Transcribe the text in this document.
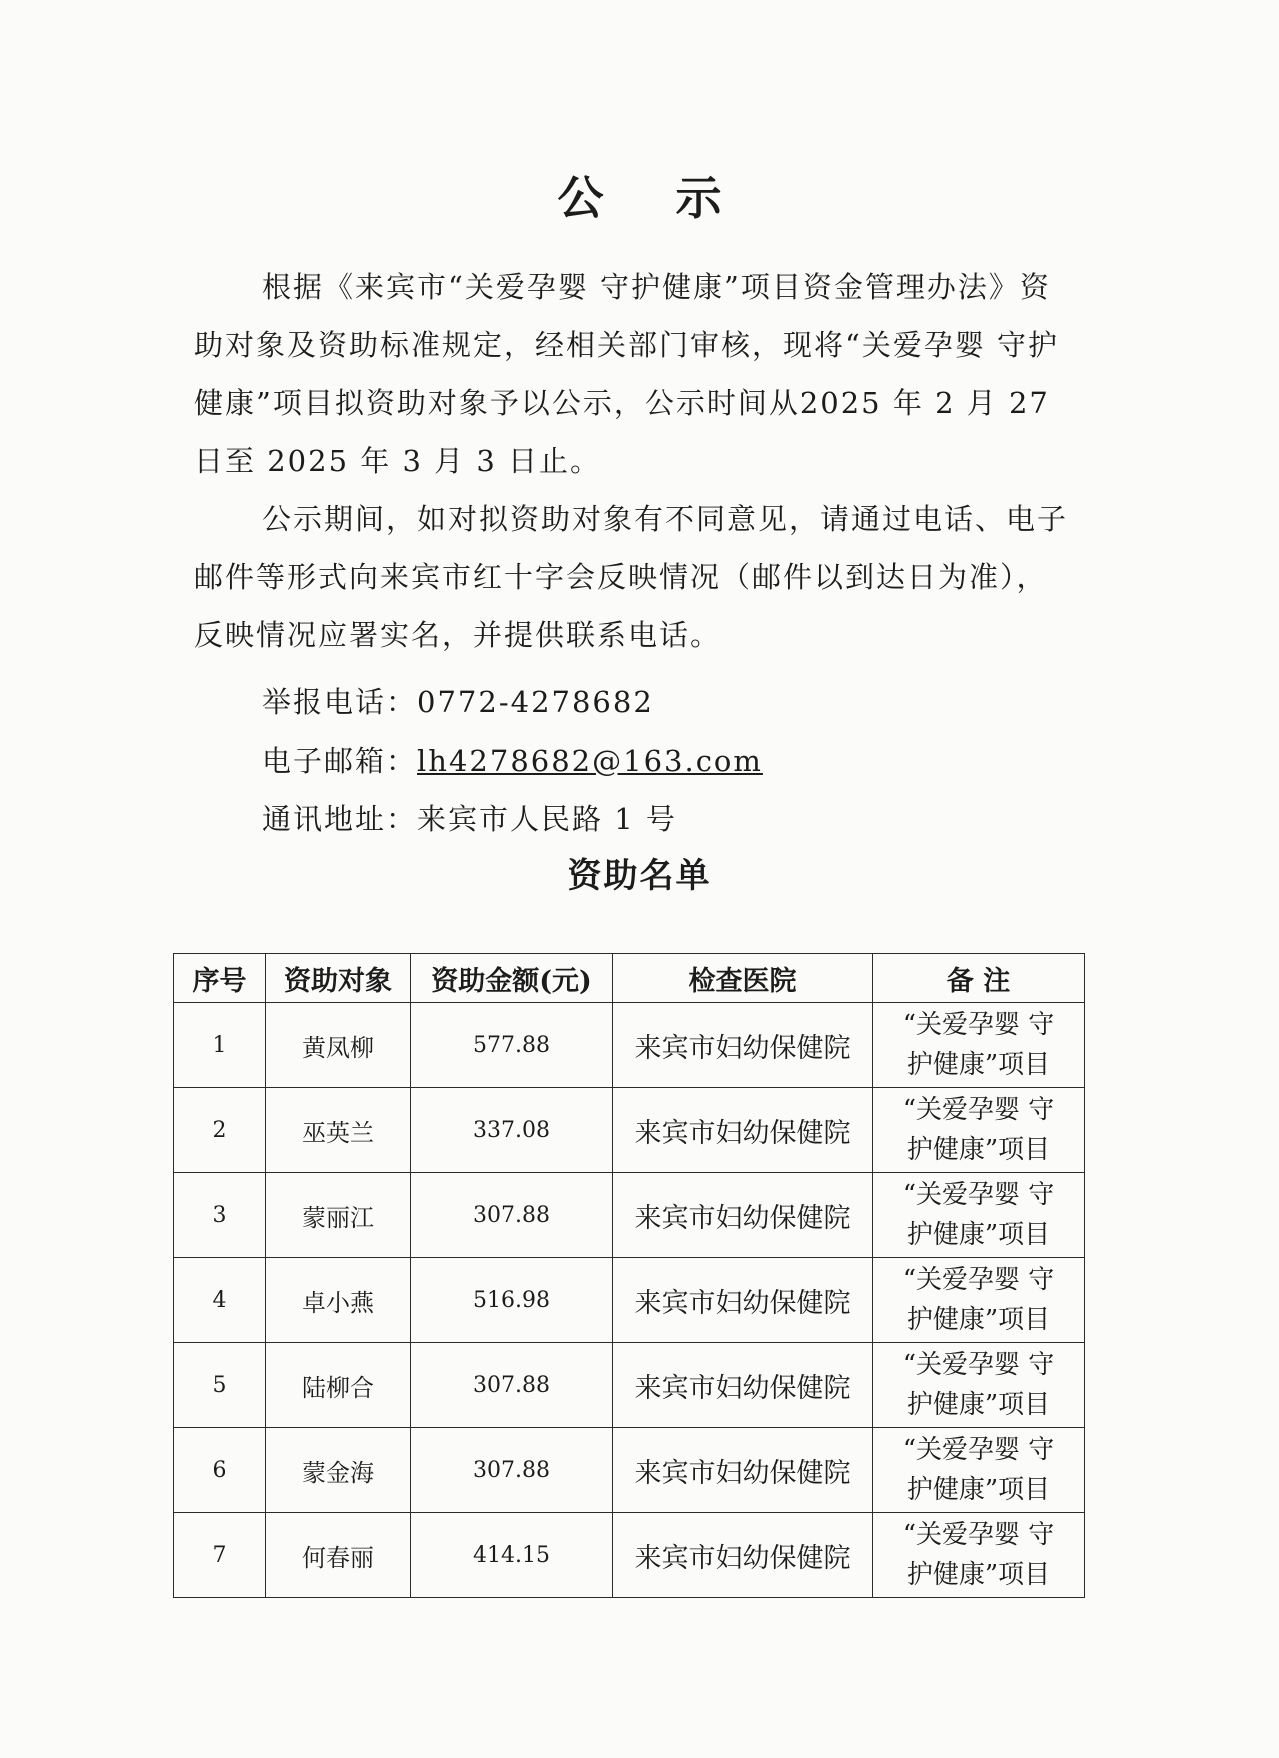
公 示
根据《来宾市“关爱孕婴 守护健康”项目资金管理办法》资助对象及资助标准规定，经相关部门审核，现将“关爱孕婴 守护健康”项目拟资助对象予以公示，公示时间从2025 年 2 月 27 日至 2025 年 3 月 3 日止。
公示期间，如对拟资助对象有不同意见，请通过电话、电子邮件等形式向来宾市红十字会反映情况（邮件以到达日为准），反映情况应署实名，并提供联系电话。
举报电话：0772-4278682
电子邮箱：lh4278682@163.com
通讯地址：来宾市人民路 1 号
资助名单
序号	资助对象	资助金额(元)	检查医院	备 注
1	黄凤柳	577.88	来宾市妇幼保健院	“关爱孕婴 守
护健康”项目

2	巫英兰	337.08	来宾市妇幼保健院	“关爱孕婴 守
护健康”项目

3	蒙丽江	307.88	来宾市妇幼保健院	“关爱孕婴 守
护健康”项目

4	卓小燕	516.98	来宾市妇幼保健院	“关爱孕婴 守
护健康”项目

5	陆柳合	307.88	来宾市妇幼保健院	“关爱孕婴 守
护健康”项目

6	蒙金海	307.88	来宾市妇幼保健院	“关爱孕婴 守
护健康”项目

7	何春丽	414.15	来宾市妇幼保健院	“关爱孕婴 守
护健康”项目
